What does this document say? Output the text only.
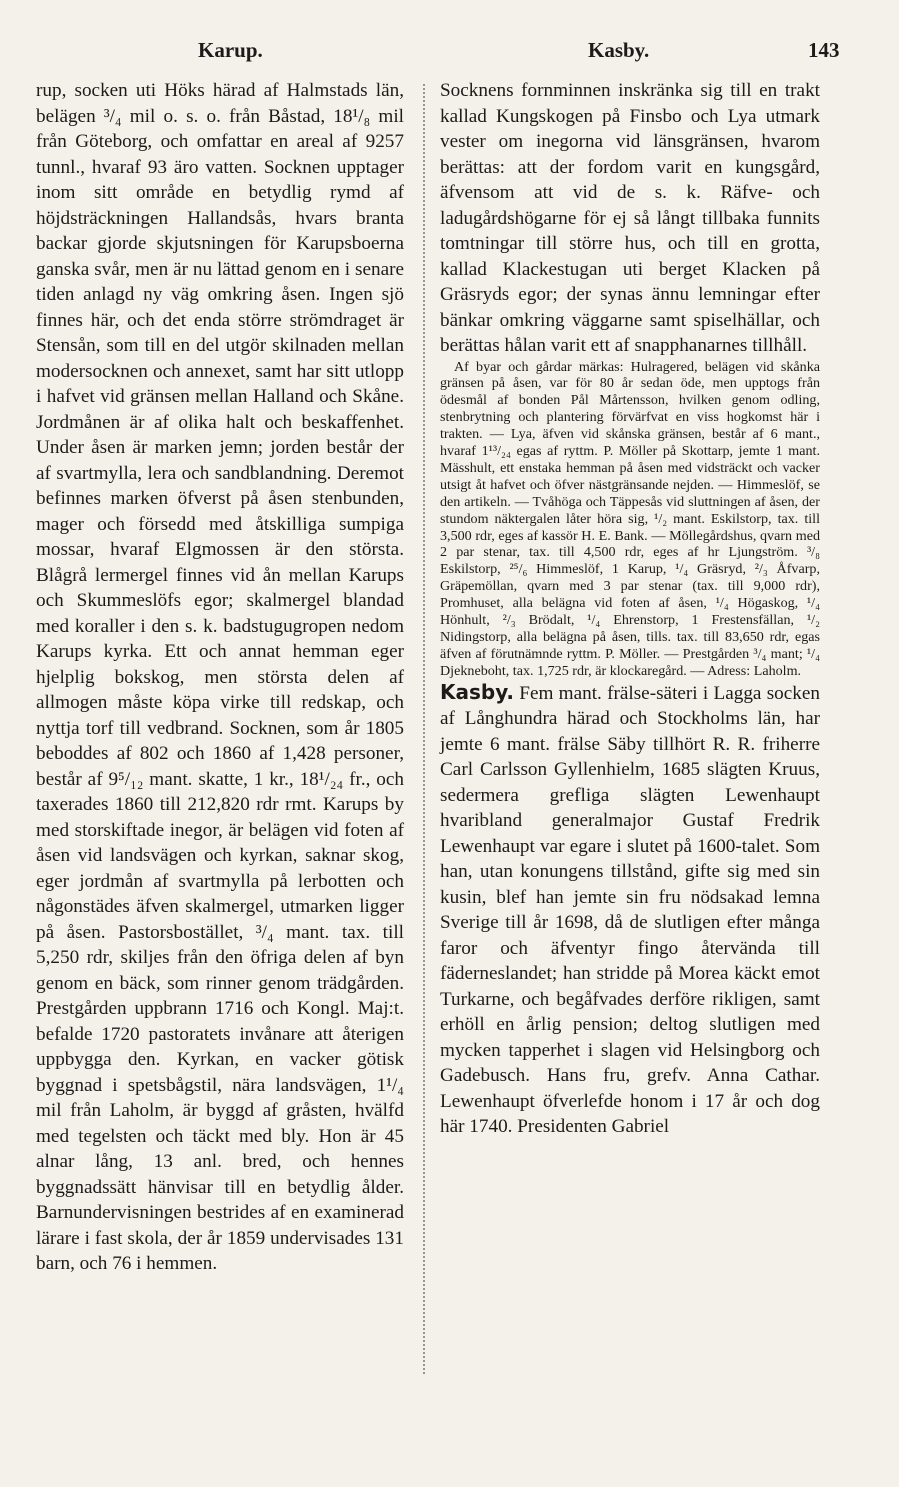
Karup.	Kasby.	143

rup, socken uti Höks härad af Halmstads län, belägen ³/₄ mil o. s. o. från Båstad, 18¹/₈ mil från Göteborg, och omfattar en areal af 9257 tunnl., hvaraf 93 äro vatten. Socknen upptager inom sitt område en betydlig rymd af höjdsträckningen Hallandsås, hvars branta backar gjorde skjutsningen för Karupsboerna ganska svår, men är nu lättad genom en i senare tiden anlagd ny väg omkring åsen. Ingen sjö finnes här, och det enda större strömdraget är Stensån, som till en del utgör skilnaden mellan modersocknen och annexet, samt har sitt utlopp i hafvet vid gränsen mellan Halland och Skåne. Jordmånen är af olika halt och beskaffenhet. Under åsen är marken jemn; jorden består der af svartmylla, lera och sandblandning. Deremot befinnes marken öfverst på åsen stenbunden, mager och försedd med åtskilliga sumpiga mossar, hvaraf Elgmossen är den största. Blågrå lermergel finnes vid ån mellan Karups och Skummeslöfs egor; skalmergel blandad med koraller i den s. k. badstugugropen nedom Karups kyrka. Ett och annat hemman eger hjelplig bokskog, men största delen af allmogen måste köpa virke till redskap, och nyttja torf till vedbrand. Socknen, som år 1805 beboddes af 802 och 1860 af 1,428 personer, består af 9⁵/₁₂ mant. skatte, 1 kr., 18¹/₂₄ fr., och taxerades 1860 till 212,820 rdr rmt. Karups by med storskiftade inegor, är belägen vid foten af åsen vid landsvägen och kyrkan, saknar skog, eger jordmån af svartmylla på lerbotten och någonstädes äfven skalmergel, utmarken ligger på åsen. Pastorsbostället, ³/₄ mant. tax. till 5,250 rdr, skiljes från den öfriga delen af byn genom en bäck, som rinner genom trädgården. Prestgården uppbrann 1716 och Kongl. Maj:t. befalde 1720 pastoratets invånare att återigen uppbygga den. Kyrkan, en vacker götisk byggnad i spetsbågstil, nära landsvägen, 1¹/₄ mil från Laholm, är byggd af gråsten, hvälfd med tegelsten och täckt med bly. Hon är 45 alnar lång, 13 anl. bred, och hennes byggnadssätt hänvisar till en betydlig ålder. Barnundervisningen bestrides af en examinerad lärare i fast skola, der år 1859 undervisades 131 barn, och 76 i hemmen.

Socknens fornminnen inskränka sig till en trakt kallad Kungskogen på Finsbo och Lya utmark vester om inegorna vid länsgränsen, hvarom berättas: att der fordom varit en kungsgård, äfvensom att vid de s. k. Räfve- och ladugårdshögarne för ej så långt tillbaka funnits tomtningar till större hus, och till en grotta, kallad Klackestugan uti berget Klacken på Gräsryds egor; der synas ännu lemningar efter bänkar omkring väggarne samt spiselhällar, och berättas hålan varit ett af snapphanarnes tillhåll.

Af byar och gårdar märkas: Hulragered, belägen vid skånka gränsen på åsen, var för 80 år sedan öde, men upptogs från ödesmål af bonden Pål Mårtensson, hvilken genom odling, stenbrytning och plantering förvärfvat en viss hogkomst här i trakten. — Lya, äfven vid skånska gränsen, består af 6 mant., hvaraf 1¹³/₂₄ egas af ryttm. P. Möller på Skottarp, jemte 1 mant. Mässhult, ett enstaka hemman på åsen med vidsträckt och vacker utsigt åt hafvet och öfver nästgränsande nejden. — Himmeslöf, se den artikeln. — Tvåhöga och Täppesås vid sluttningen af åsen, der stundom näktergalen låter höra sig, ¹/₂ mant. Eskilstorp, tax. till 3,500 rdr, eges af kassör H. E. Bank. — Möllegårdshus, qvarn med 2 par stenar, tax. till 4,500 rdr, eges af hr Ljungström. ³/₈ Eskilstorp, ²⁵/₆ Himmeslöf, 1 Karup, ¹/₄ Gräsryd, ²/₃ Åfvarp, Gräpemöllan, qvarn med 3 par stenar (tax. till 9,000 rdr), Promhuset, alla belägna vid foten af åsen, ¹/₄ Högaskog, ¹/₄ Hönhult, ²/₃ Brödalt, ¹/₄ Ehrenstorp, 1 Frestensfällan, ¹/₂ Nidingstorp, alla belägna på åsen, tills. tax. till 83,650 rdr, egas äfven af förutnämnde ryttm. P. Möller. — Prestgården ³/₄ mant; ¹/₄ Djekneboht, tax. 1,725 rdr, är klockaregård. — Adress: Laholm.

Kasby. Fem mant. frälse-säteri i Lagga socken af Långhundra härad och Stockholms län, har jemte 6 mant. frälse Säby tillhört R. R. friherre Carl Carlsson Gyllenhielm, 1685 slägten Kruus, sedermera grefliga slägten Lewenhaupt hvaribland generalmajor Gustaf Fredrik Lewenhaupt var egare i slutet på 1600-talet. Som han, utan konungens tillstånd, gifte sig med sin kusin, blef han jemte sin fru nödsakad lemna Sverige till år 1698, då de slutligen efter många faror och äfventyr fingo återvända till fäderneslandet; han stridde på Morea käckt emot Turkarne, och begåfvades derföre rikligen, samt erhöll en årlig pension; deltog slutligen med mycken tapperhet i slagen vid Helsingborg och Gadebusch. Hans fru, grefv. Anna Cathar. Lewenhaupt öfverlefde honom i 17 år och dog här 1740. Presidenten Gabriel
